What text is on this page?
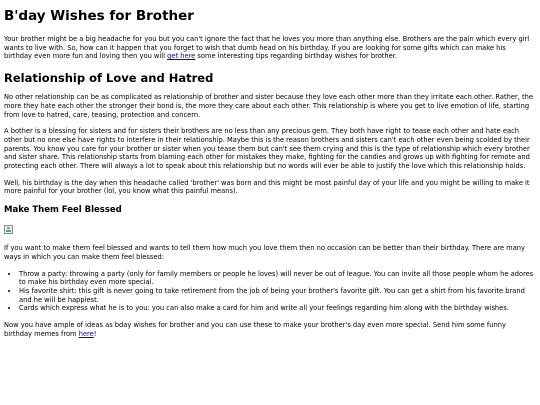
B'day Wishes for Brother

Your brother might be a big headache for you but you can't ignore the fact that he loves you more than anything else. Brothers are the pain which every girl wants to live with. So, how can it happen that you forget to wish that dumb head on his birthday. If you are looking for some gifts which can make his birthday even more fun and loving then you will get here some interesting tips regarding birthday wishes for brother.

Relationship of Love and Hatred

No other relationship can be as complicated as relationship of brother and sister because they love each other more than they irritate each other. Rather, the more they hate each other the stronger their bond is, the more they care about each other. This relationship is where you get to live emotion of life, starting from love to hatred, care, teasing, protection and concern.

A bother is a blessing for sisters and for sisters their brothers are no less than any precious gem. They both have right to tease each other and hate each other but no one else have rights to interfere in their relationship. Maybe this is the reason brothers and sisters can't each other even being scolded by their parents. You know you care for your brother or sister when you tease them but can't see them crying and this is the type of relationship which every brother and sister share. This relationship starts from blaming each other for mistakes they make, fighting for the candies and grows up with fighting for remote and protecting each other. There will always a lot to speak about this relationship but no words will ever be able to justify the love which this relationship holds.

Well, his birthday is the day when this headache called 'brother' was born and this might be most painful day of your life and you might be willing to make it more painful for your brother (lol, you know what this painful means).

Make Them Feel Blessed

If you want to make them feel blessed and wants to tell them how much you love them then no occasion can be better than their birthday. There are many ways in which you can make them feel blessed:

• Throw a party: throwing a party (only for family members or people he loves) will never be out of league. You can invite all those people whom he adores to make his birthday even more special.
• His favorite shirt: this gift is never going to take retirement from the job of being your brother's favorite gift. You can get a shirt from his favorite brand and he will be happiest.
• Cards which express what he is to you: you can also make a card for him and write all your feelings regarding him along with the birthday wishes.

Now you have ample of ideas as bday wishes for brother and you can use these to make your brother's day even more special. Send him some funny birthday memes from here!
